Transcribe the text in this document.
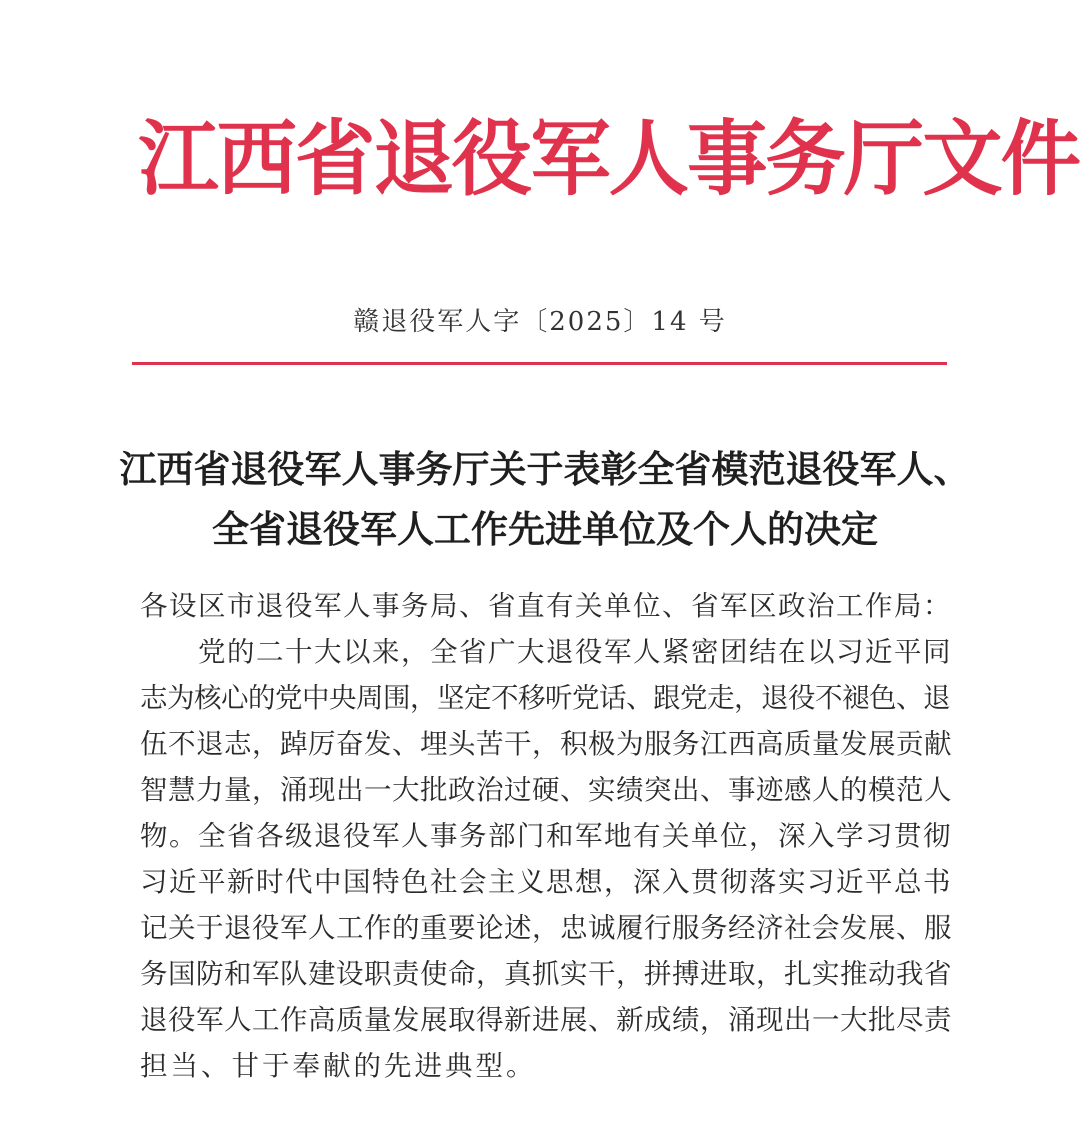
江西省退役军人事务厅文件
赣退役军人字〔2025〕14 号
江西省退役军人事务厅关于表彰全省模范退役军人、
全省退役军人工作先进单位及个人的决定
各设区市退役军人事务局、省直有关单位、省军区政治工作局：
党的二十大以来，全省广大退役军人紧密团结在以习近平同
志为核心的党中央周围，坚定不移听党话、跟党走，退役不褪色、退
伍不退志，踔厉奋发、埋头苦干，积极为服务江西高质量发展贡献
智慧力量，涌现出一大批政治过硬、实绩突出、事迹感人的模范人
物。全省各级退役军人事务部门和军地有关单位，深入学习贯彻
习近平新时代中国特色社会主义思想，深入贯彻落实习近平总书
记关于退役军人工作的重要论述，忠诚履行服务经济社会发展、服
务国防和军队建设职责使命，真抓实干，拼搏进取，扎实推动我省
退役军人工作高质量发展取得新进展、新成绩，涌现出一大批尽责
担当、甘于奉献的先进典型。
